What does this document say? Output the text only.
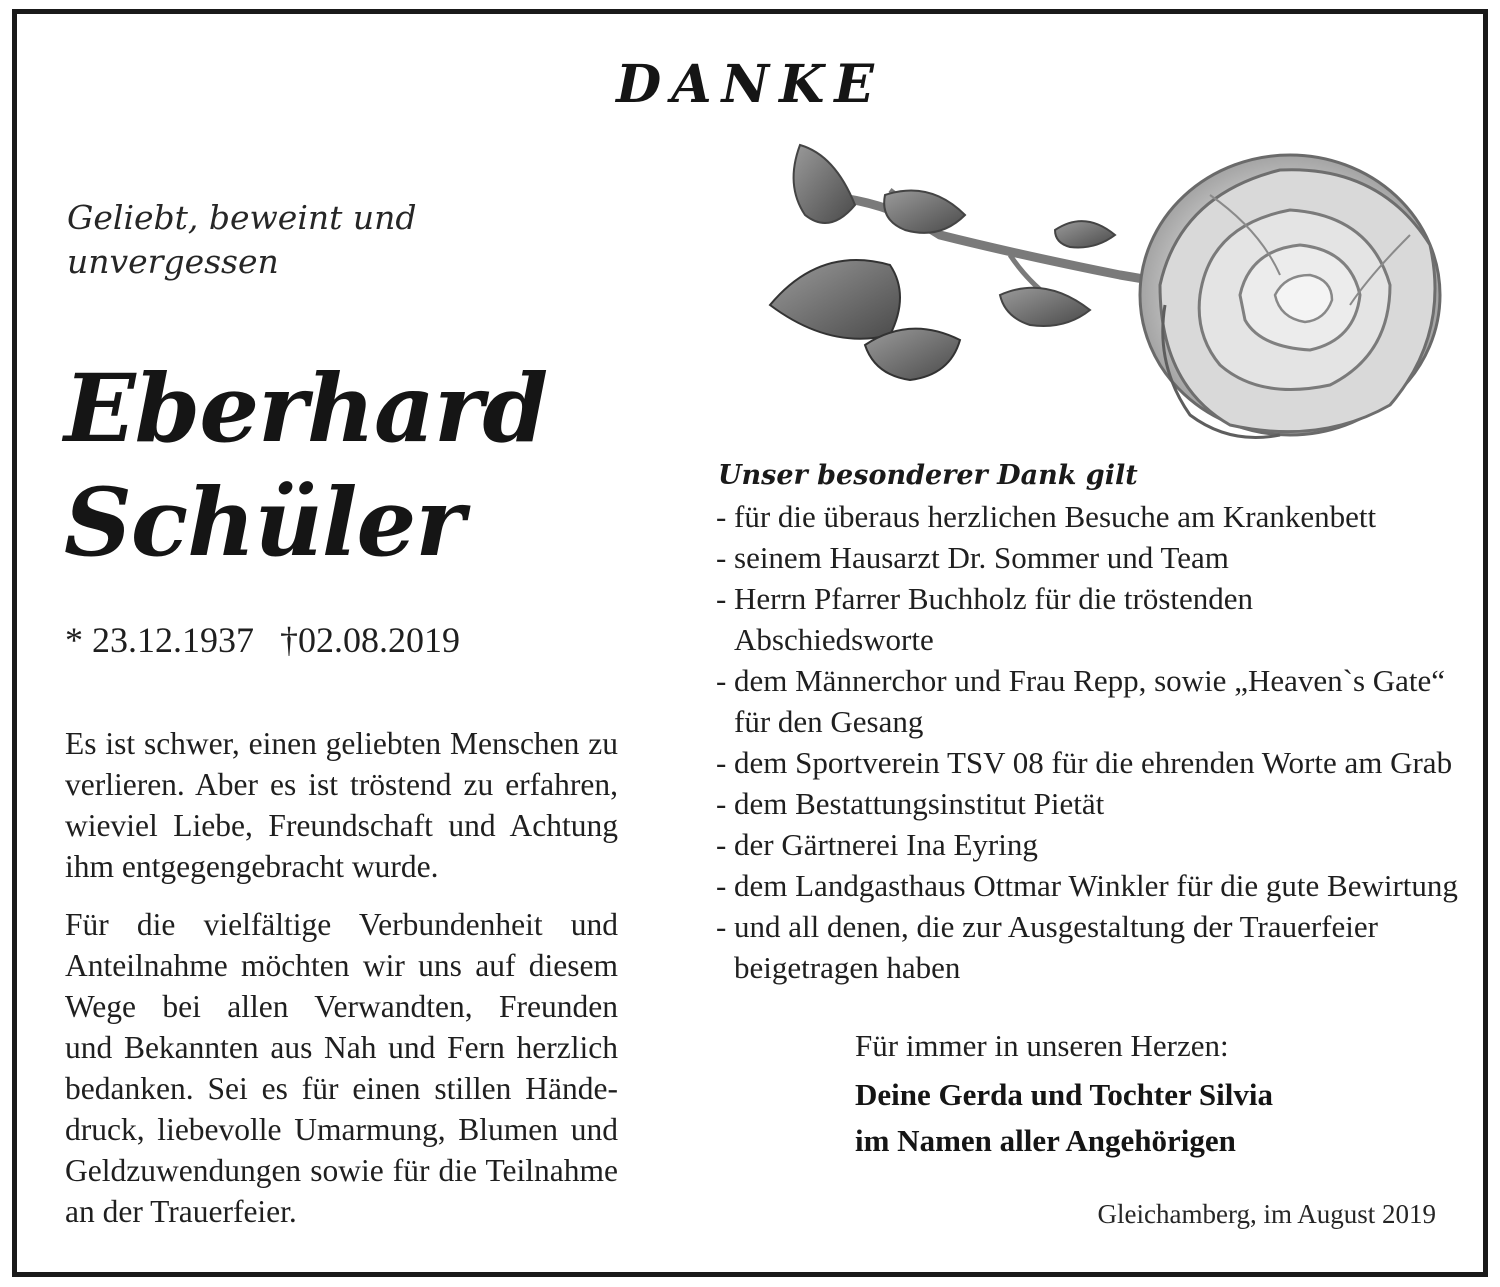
DANKE
Geliebt, beweint und
unvergessen
Eberhard
Schüler
* 23.12.1937 †02.08.2019
Es ist schwer, einen geliebten Menschen zu
verlieren. Aber es ist tröstend zu erfahren,
wieviel Liebe, Freundschaft und Achtung
ihm entgegengebracht wurde.
Für die vielfältige Verbundenheit und
Anteilnahme möchten wir uns auf diesem
Wege bei allen Verwandten, Freunden
und Bekannten aus Nah und Fern herzlich
bedanken. Sei es für einen stillen Hände-
druck, liebevolle Umarmung, Blumen und
Geldzuwendungen sowie für die Teilnahme
an der Trauerfeier.
Unser besonderer Dank gilt
- für die überaus herzlichen Besuche am Krankenbett
- seinem Hausarzt Dr. Sommer und Team
- Herrn Pfarrer Buchholz für die tröstenden
Abschiedsworte
- dem Männerchor und Frau Repp, sowie „Heaven`s Gate“
für den Gesang
- dem Sportverein TSV 08 für die ehrenden Worte am Grab
- dem Bestattungsinstitut Pietät
- der Gärtnerei Ina Eyring
- dem Landgasthaus Ottmar Winkler für die gute Bewirtung
- und all denen, die zur Ausgestaltung der Trauerfeier
beigetragen haben
Für immer in unseren Herzen:
Deine Gerda und Tochter Silvia
im Namen aller Angehörigen
Gleichamberg, im August 2019
